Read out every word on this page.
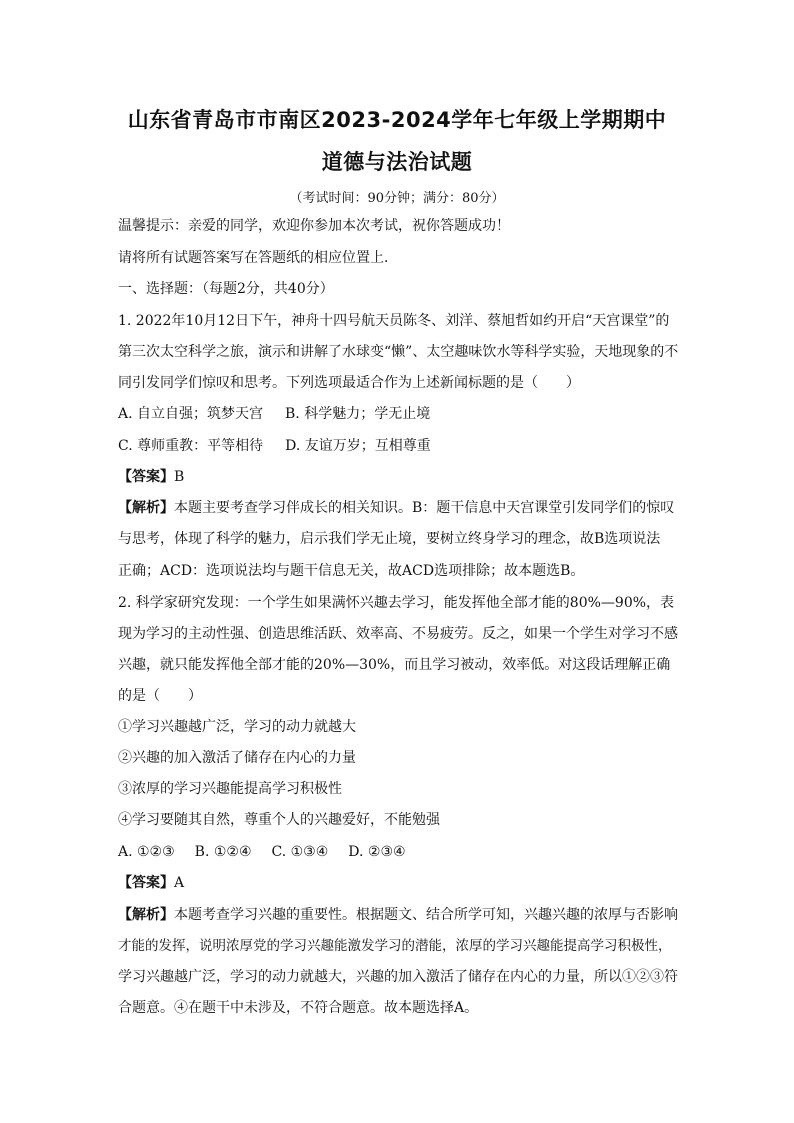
山东省青岛市市南区2023-2024学年七年级上学期期中
道德与法治试题
（考试时间：90分钟；满分：80分）
温馨提示：亲爱的同学，欢迎你参加本次考试，祝你答题成功！
请将所有试题答案写在答题纸的相应位置上．
一、选择题：（每题2分，共40分）
1. 2022年10月12日下午，神舟十四号航天员陈冬、刘洋、蔡旭哲如约开启“天宫课堂”的
第三次太空科学之旅，演示和讲解了水球变“懒”、太空趣味饮水等科学实验，天地现象的不
同引发同学们惊叹和思考。下列选项最适合作为上述新闻标题的是（　　）
A. 自立自强；筑梦天宫 B. 科学魅力；学无止境
C. 尊师重教：平等相待 D. 友谊万岁；互相尊重
【答案】B
【解析】本题主要考查学习伴成长的相关知识。B：题干信息中天宫课堂引发同学们的惊叹
与思考，体现了科学的魅力，启示我们学无止境，要树立终身学习的理念，故B选项说法
正确；ACD：选项说法均与题干信息无关，故ACD选项排除；故本题选B。
2. 科学家研究发现：一个学生如果满怀兴趣去学习，能发挥他全部才能的80%—90%，表
现为学习的主动性强、创造思维活跃、效率高、不易疲劳。反之，如果一个学生对学习不感
兴趣，就只能发挥他全部才能的20%—30%，而且学习被动，效率低。对这段话理解正确
的是（　　）
①学习兴趣越广泛，学习的动力就越大
②兴趣的加入激活了储存在内心的力量
③浓厚的学习兴趣能提高学习积极性
④学习要随其自然，尊重个人的兴趣爱好，不能勉强
A. ①②③ B. ①②④ C. ①③④ D. ②③④
【答案】A
【解析】本题考查学习兴趣的重要性。根据题文、结合所学可知，兴趣兴趣的浓厚与否影响
才能的发挥，说明浓厚党的学习兴趣能激发学习的潜能，浓厚的学习兴趣能提高学习积极性，
学习兴趣越广泛，学习的动力就越大，兴趣的加入激活了储存在内心的力量，所以①②③符
合题意。④在题干中未涉及，不符合题意。故本题选择A。
